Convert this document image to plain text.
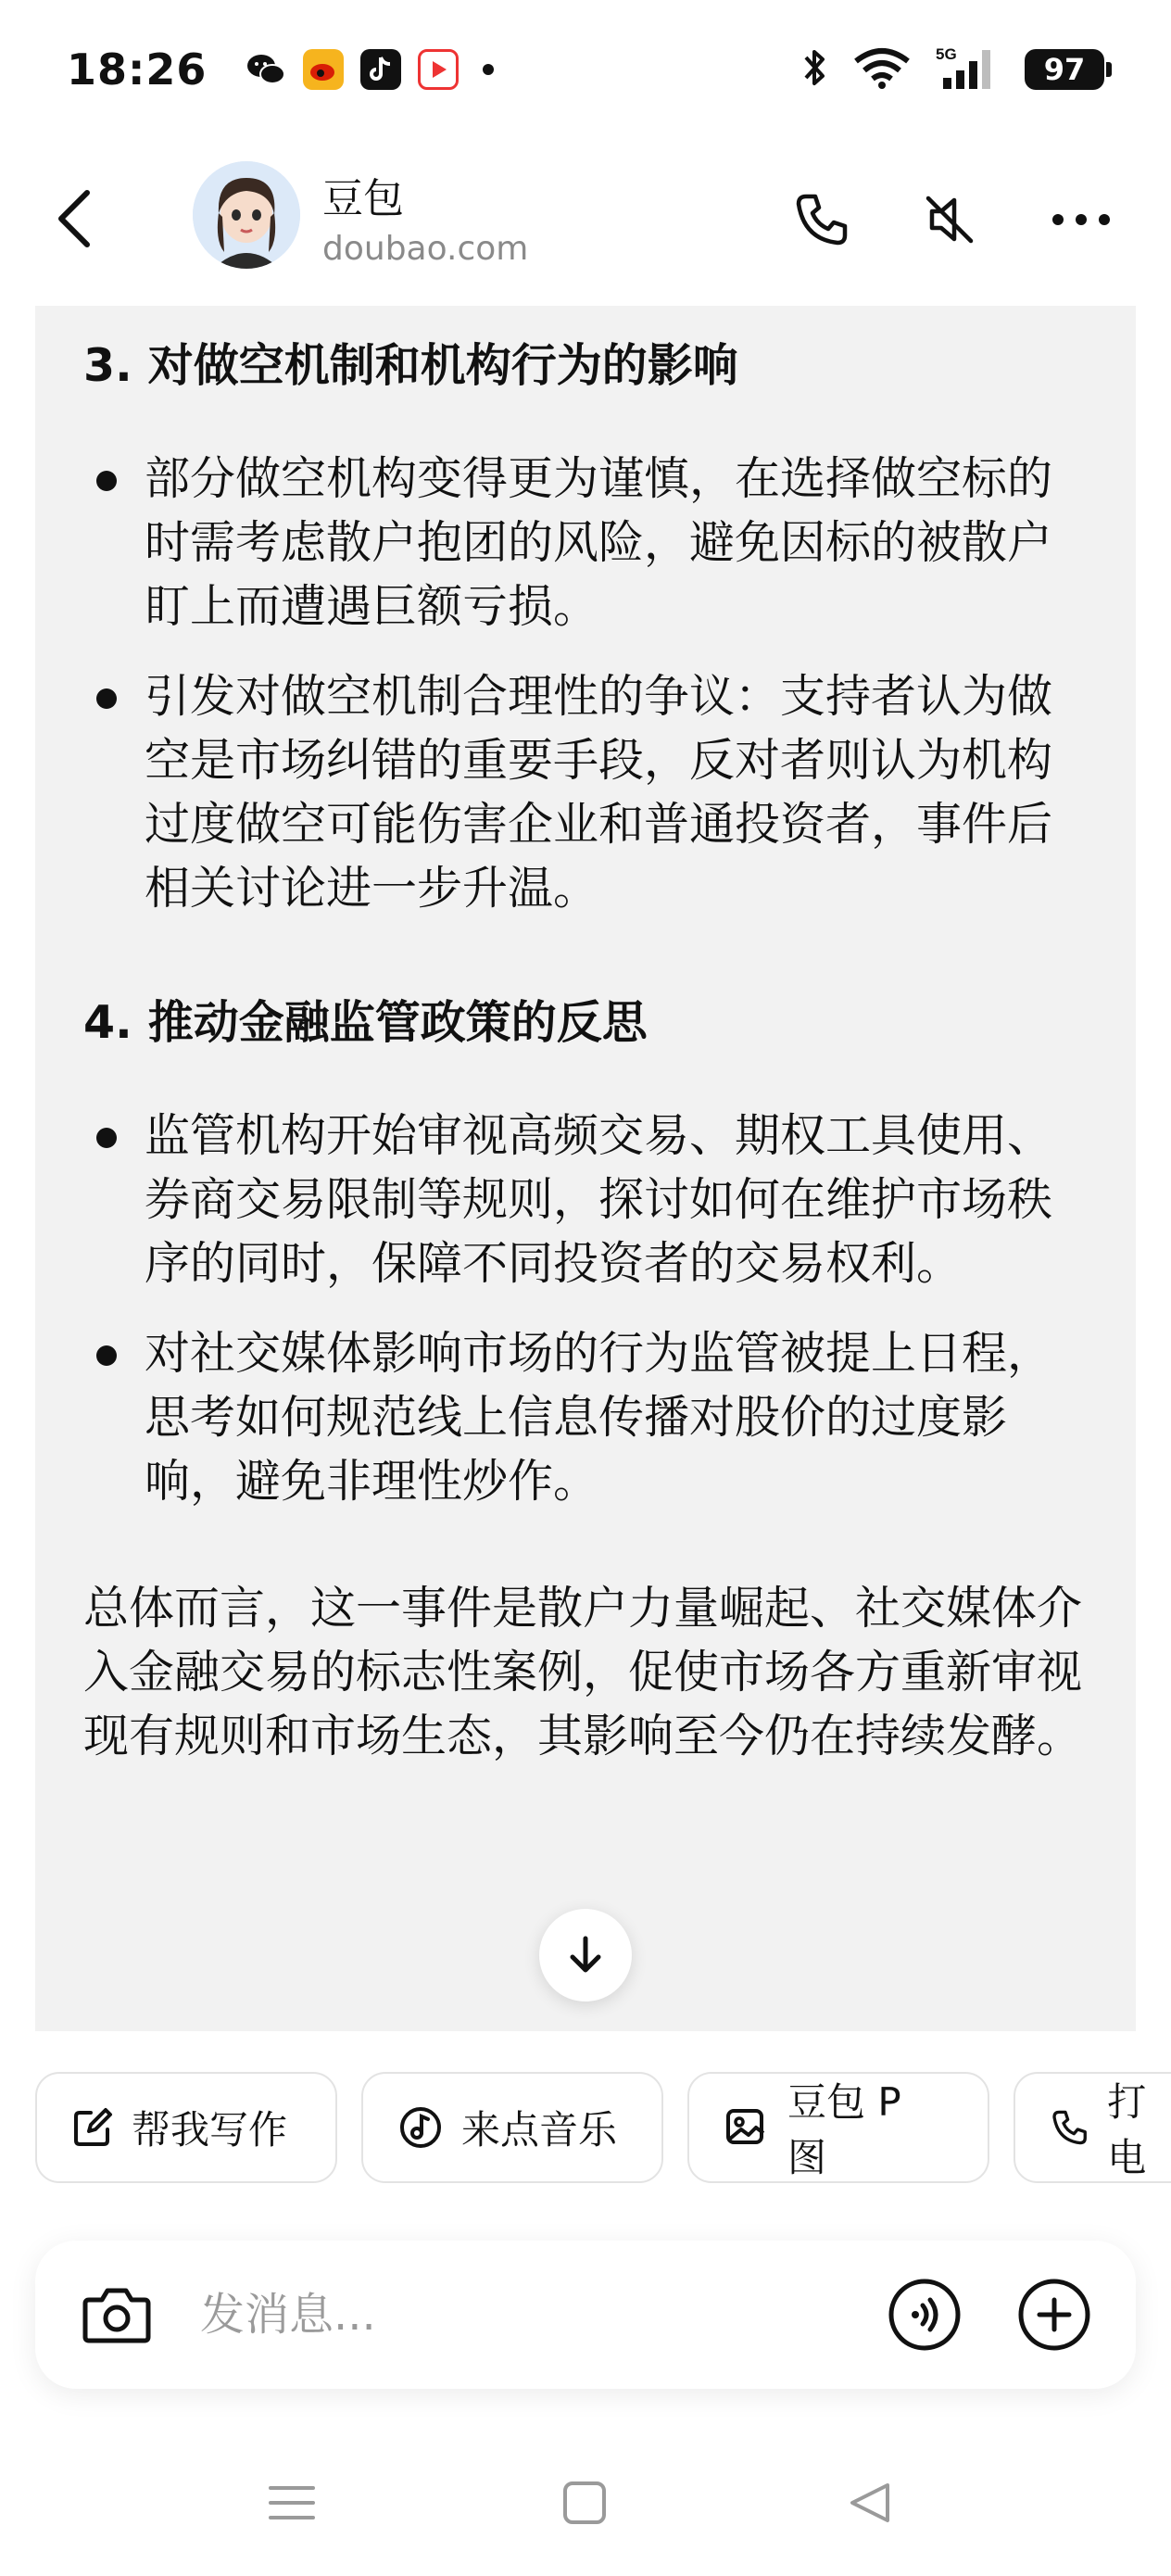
18:26	5G	97
豆包
doubao.com
3. 对做空机制和机构行为的影响
部分做空机构变得更为谨慎，在选择做空标的时需考虑散户抱团的风险，避免因标的被散户盯上而遭遇巨额亏损。
引发对做空机制合理性的争议：支持者认为做空是市场纠错的重要手段，反对者则认为机构过度做空可能伤害企业和普通投资者，事件后相关讨论进一步升温。
4. 推动金融监管政策的反思
监管机构开始审视高频交易、期权工具使用、券商交易限制等规则，探讨如何在维护市场秩序的同时，保障不同投资者的交易权利。
对社交媒体影响市场的行为监管被提上日程，思考如何规范线上信息传播对股价的过度影响，避免非理性炒作。
总体而言，这一事件是散户力量崛起、社交媒体介入金融交易的标志性案例，促使市场各方重新审视现有规则和市场生态，其影响至今仍在持续发酵。
帮我写作	来点音乐
豆包 P 图
打电
发消息...
